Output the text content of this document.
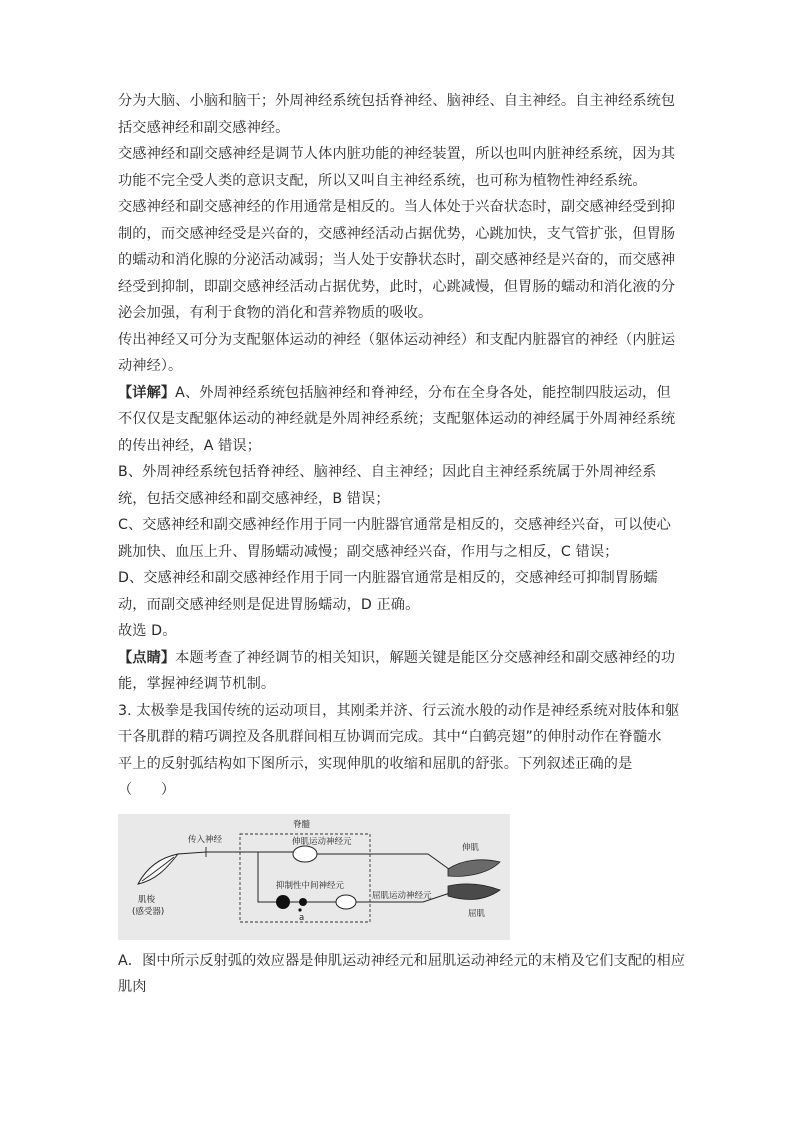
分为大脑、小脑和脑干；外周神经系统包括脊神经、脑神经、自主神经。自主神经系统包
括交感神经和副交感神经。
交感神经和副交感神经是调节人体内脏功能的神经装置，所以也叫内脏神经系统，因为其
功能不完全受人类的意识支配，所以又叫自主神经系统，也可称为植物性神经系统。
交感神经和副交感神经的作用通常是相反的。当人体处于兴奋状态时，副交感神经受到抑
制的，而交感神经受是兴奋的，交感神经活动占据优势，心跳加快，支气管扩张，但胃肠
的蠕动和消化腺的分泌活动减弱；当人处于安静状态时，副交感神经是兴奋的，而交感神
经受到抑制，即副交感神经活动占据优势，此时，心跳减慢，但胃肠的蠕动和消化液的分
泌会加强，有利于食物的消化和营养物质的吸收。
传出神经又可分为支配躯体运动的神经（躯体运动神经）和支配内脏器官的神经（内脏运
动神经）。
【详解】A、外周神经系统包括脑神经和脊神经，分布在全身各处，能控制四肢运动，但
不仅仅是支配躯体运动的神经就是外周神经系统；支配躯体运动的神经属于外周神经系统
的传出神经，A 错误；
B、外周神经系统包括脊神经、脑神经、自主神经；因此自主神经系统属于外周神经系
统，包括交感神经和副交感神经，B 错误；
C、交感神经和副交感神经作用于同一内脏器官通常是相反的，交感神经兴奋，可以使心
跳加快、血压上升、胃肠蠕动减慢；副交感神经兴奋，作用与之相反，C 错误；
D、交感神经和副交感神经作用于同一内脏器官通常是相反的，交感神经可抑制胃肠蠕
动，而副交感神经则是促进胃肠蠕动，D 正确。
故选 D。
【点睛】本题考查了神经调节的相关知识，解题关键是能区分交感神经和副交感神经的功
能，掌握神经调节机制。
3. 太极拳是我国传统的运动项目，其刚柔并济、行云流水般的动作是神经系统对肢体和躯
干各肌群的精巧调控及各肌群间相互协调而完成。其中“白鹤亮翅”的伸肘动作在脊髓水
平上的反射弧结构如下图所示，实现伸肌的收缩和屈肌的舒张。下列叙述正确的是
（　　）
脊髓
肌梭
(感受器)
传入神经	伸肌运动神经元
a
抑制性中间神经元
屈肌运动神经元
伸肌
屈肌
A．图中所示反射弧的效应器是伸肌运动神经元和屈肌运动神经元的末梢及它们支配的相应
肌肉
